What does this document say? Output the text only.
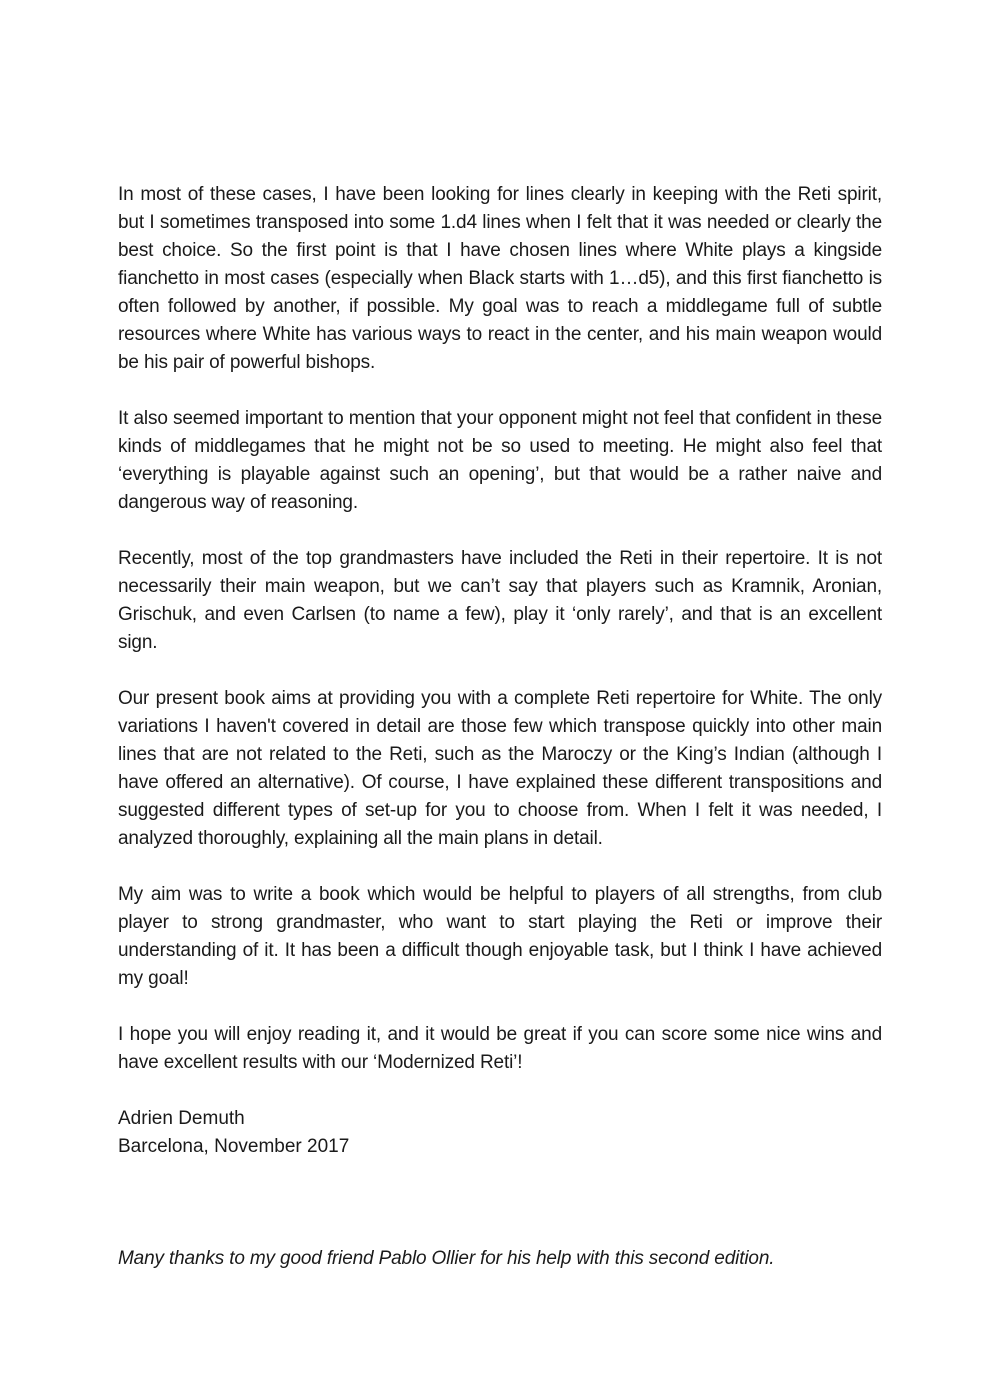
In most of these cases, I have been looking for lines clearly in keeping with the Reti spirit, but I sometimes transposed into some 1.d4 lines when I felt that it was needed or clearly the best choice. So the first point is that I have chosen lines where White plays a kingside fianchetto in most cases (especially when Black starts with 1…d5), and this first fianchetto is often followed by another, if possible. My goal was to reach a middlegame full of subtle resources where White has various ways to react in the center, and his main weapon would be his pair of powerful bishops.

It also seemed important to mention that your opponent might not feel that confident in these kinds of middlegames that he might not be so used to meeting. He might also feel that ‘everything is playable against such an opening’, but that would be a rather naive and dangerous way of reasoning.

Recently, most of the top grandmasters have included the Reti in their repertoire. It is not necessarily their main weapon, but we can’t say that players such as Kramnik, Aronian, Grischuk, and even Carlsen (to name a few), play it ‘only rarely’, and that is an excellent sign.

Our present book aims at providing you with a complete Reti repertoire for White. The only variations I haven't covered in detail are those few which transpose quickly into other main lines that are not related to the Reti, such as the Maroczy or the King’s Indian (although I have offered an alternative). Of course, I have explained these different transpositions and suggested different types of set-up for you to choose from. When I felt it was needed, I analyzed thoroughly, explaining all the main plans in detail.

My aim was to write a book which would be helpful to players of all strengths, from club player to strong grandmaster, who want to start playing the Reti or improve their understanding of it. It has been a difficult though enjoyable task, but I think I have achieved my goal!

I hope you will enjoy reading it, and it would be great if you can score some nice wins and have excellent results with our ‘Modernized Reti’!

Adrien Demuth
Barcelona, November 2017

Many thanks to my good friend Pablo Ollier for his help with this second edition.
